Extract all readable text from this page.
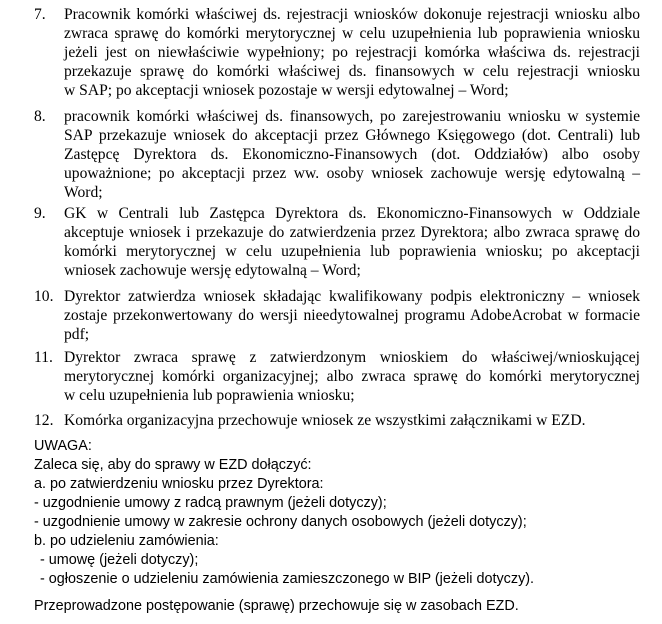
7. Pracownik komórki właściwej ds. rejestracji wniosków dokonuje rejestracji wniosku albo
zwraca sprawę do komórki merytorycznej w celu uzupełnienia lub poprawienia wniosku
jeżeli jest on niewłaściwie wypełniony; po rejestracji komórka właściwa ds. rejestracji
przekazuje sprawę do komórki właściwej ds. finansowych w celu rejestracji wniosku
w SAP; po akceptacji wniosek pozostaje w wersji edytowalnej – Word;
8. pracownik komórki właściwej ds. finansowych, po zarejestrowaniu wniosku w systemie
SAP przekazuje wniosek do akceptacji przez Głównego Księgowego (dot. Centrali) lub
Zastępcę Dyrektora ds. Ekonomiczno-Finansowych (dot. Oddziałów) albo osoby
upoważnione; po akceptacji przez ww. osoby wniosek zachowuje wersję edytowalną –
Word;
9. GK w Centrali lub Zastępca Dyrektora ds. Ekonomiczno-Finansowych w Oddziale
akceptuje wniosek i przekazuje do zatwierdzenia przez Dyrektora; albo zwraca sprawę do
komórki merytorycznej w celu uzupełnienia lub poprawienia wniosku; po akceptacji
wniosek zachowuje wersję edytowalną – Word;
10. Dyrektor zatwierdza wniosek składając kwalifikowany podpis elektroniczny – wniosek
zostaje przekonwertowany do wersji nieedytowalnej programu AdobeAcrobat w formacie
pdf;
11. Dyrektor zwraca sprawę z zatwierdzonym wnioskiem do właściwej/wnioskującej
merytorycznej komórki organizacyjnej; albo zwraca sprawę do komórki merytorycznej
w celu uzupełnienia lub poprawienia wniosku;
12. Komórka organizacyjna przechowuje wniosek ze wszystkimi załącznikami w EZD.
UWAGA:
Zaleca się, aby do sprawy w EZD dołączyć:
a. po zatwierdzeniu wniosku przez Dyrektora:
- uzgodnienie umowy z radcą prawnym (jeżeli dotyczy);
- uzgodnienie umowy w zakresie ochrony danych osobowych (jeżeli dotyczy);
b. po udzieleniu zamówienia:
- umowę (jeżeli dotyczy);
- ogłoszenie o udzieleniu zamówienia zamieszczonego w BIP (jeżeli dotyczy).
Przeprowadzone postępowanie (sprawę) przechowuje się w zasobach EZD.
